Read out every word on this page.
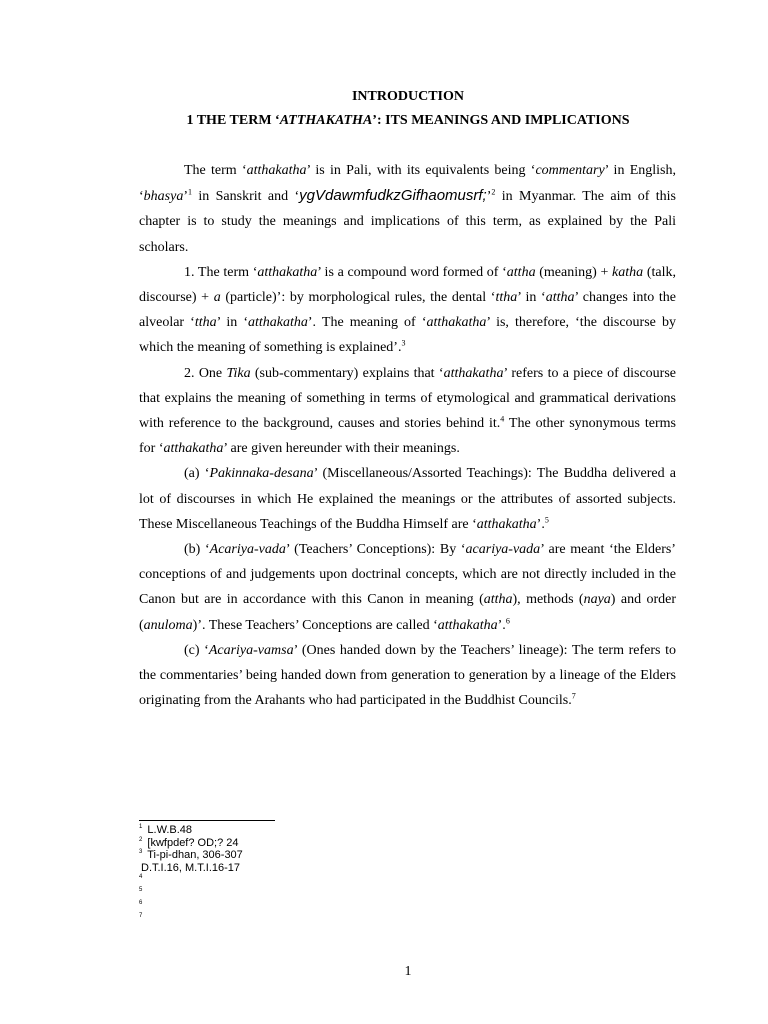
INTRODUCTION
1 THE TERM ‘ATTHAKATHA’: ITS MEANINGS AND IMPLICATIONS

The term ‘atthakatha’ is in Pali, with its equivalents being ‘commentary’ in English, ‘bhasya’$^1$ in Sanskrit and ‘ygVdawmfudkzGifhaomusrf;’$^2$ in Myanmar. The aim of this chapter is to study the meanings and implications of this term, as explained by the Pali scholars.

1. The term ‘atthakatha’ is a compound word formed of ‘attha (meaning) + katha (talk, discourse) + a (particle)’: by morphological rules, the dental ‘ttha’ in ‘attha’ changes into the alveolar ‘ttha’ in ‘atthakatha’. The meaning of ‘atthakatha’ is, therefore, ‘the discourse by which the meaning of something is explained’.$^3$

2. One Tika (sub-commentary) explains that ‘atthakatha’ refers to a piece of discourse that explains the meaning of something in terms of etymological and grammatical derivations with reference to the background, causes and stories behind it.$^4$ The other synonymous terms for ‘atthakatha’ are given hereunder with their meanings.

(a) ‘Pakinnaka-desana’ (Miscellaneous/Assorted Teachings): The Buddha delivered a lot of discourses in which He explained the meanings or the attributes of assorted subjects. These Miscellaneous Teachings of the Buddha Himself are ‘atthakatha’.$^5$

(b) ‘Acariya-vada’ (Teachers’ Conceptions): By ‘acariya-vada’ are meant ‘the Elders’ conceptions of and judgements upon doctrinal concepts, which are not directly included in the Canon but are in accordance with this Canon in meaning (attha), methods (naya) and order (anuloma)’. These Teachers’ Conceptions are called ‘atthakatha’.$^6$

(c) ‘Acariya-vamsa’ (Ones handed down by the Teachers’ lineage): The term refers to the commentaries’ being handed down from generation to generation by a lineage of the Elders originating from the Arahants who had participated in the Buddhist Councils.$^7$

$^1$ L.W.B.48
$^2$ [kwfpdef? OD;? 24
$^3$ Ti-pi-dhan, 306-307
D.T.I.16, M.T.I.16-17
$^4$
$^5$
$^6$
$^7$
1
